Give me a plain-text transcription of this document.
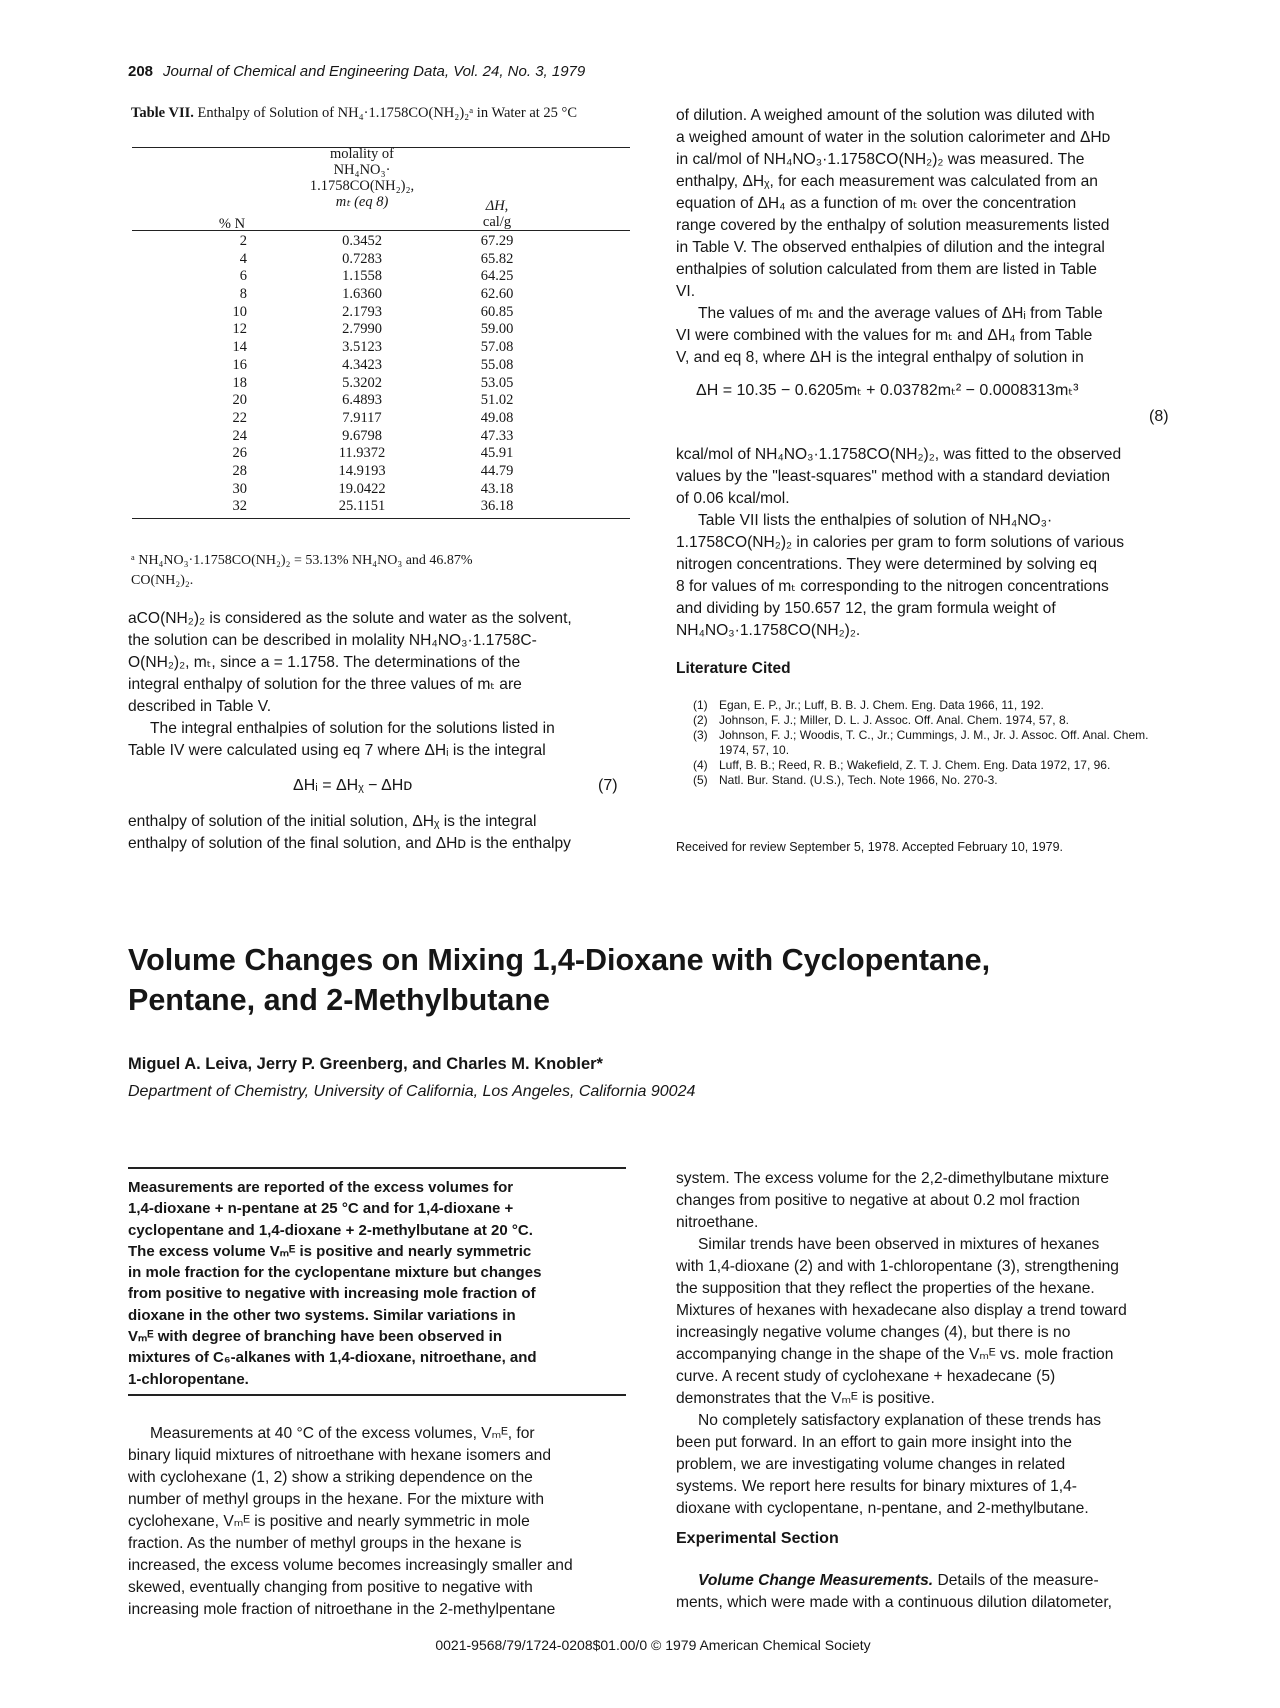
208 Journal of Chemical and Engineering Data, Vol. 24, No. 3, 1979
Table VII. Enthalpy of Solution of NH₄·1.1758CO(NH₂)₂ᵃ in Water at 25 °C
% N
molality of
NH₄NO₃·
1.1758CO(NH₂)₂,
mₜ (eq 8)	ΔH,
cal/g
2	0.3452	67.29
4	0.7283	65.82
6	1.1558	64.25
8	1.6360	62.60
10	2.1793	60.85
12	2.7990	59.00
14	3.5123	57.08
16	4.3423	55.08
18	5.3202	53.05
20	6.4893	51.02
22	7.9117	49.08
24	9.6798	47.33
26	11.9372	45.91
28	14.9193	44.79
30	19.0422	43.18
32	25.1151	36.18
ᵃ NH₄NO₃·1.1758CO(NH₂)₂ = 53.13% NH₄NO₃ and 46.87%
CO(NH₂)₂.
aCO(NH₂)₂ is considered as the solute and water as the solvent,
the solution can be described in molality NH₄NO₃·1.1758C-
O(NH₂)₂, mₜ, since a = 1.1758. The determinations of the
integral enthalpy of solution for the three values of mₜ are
described in Table V.
The integral enthalpies of solution for the solutions listed in
Table IV were calculated using eq 7 where ΔHᵢ is the integral
ΔHᵢ = ΔHᵪ − ΔHᴅ	(7)
enthalpy of solution of the initial solution, ΔHᵪ is the integral
enthalpy of solution of the final solution, and ΔHᴅ is the enthalpy
of dilution. A weighed amount of the solution was diluted with
a weighed amount of water in the solution calorimeter and ΔHᴅ
in cal/mol of NH₄NO₃·1.1758CO(NH₂)₂ was measured. The
enthalpy, ΔHᵪ, for each measurement was calculated from an
equation of ΔH₄ as a function of mₜ over the concentration
range covered by the enthalpy of solution measurements listed
in Table V. The observed enthalpies of dilution and the integral
enthalpies of solution calculated from them are listed in Table
VI.
The values of mₜ and the average values of ΔHᵢ from Table
VI were combined with the values for mₜ and ΔH₄ from Table
V, and eq 8, where ΔH is the integral enthalpy of solution in
ΔH = 10.35 − 0.6205mₜ + 0.03782mₜ² − 0.0008313mₜ³
(8)
kcal/mol of NH₄NO₃·1.1758CO(NH₂)₂, was fitted to the observed
values by the "least-squares" method with a standard deviation
of 0.06 kcal/mol.
Table VII lists the enthalpies of solution of NH₄NO₃·
1.1758CO(NH₂)₂ in calories per gram to form solutions of various
nitrogen concentrations. They were determined by solving eq
8 for values of mₜ corresponding to the nitrogen concentrations
and dividing by 150.657 12, the gram formula weight of
NH₄NO₃·1.1758CO(NH₂)₂.
Literature Cited
(1) Egan, E. P., Jr.; Luff, B. B. J. Chem. Eng. Data 1966, 11, 192.
(2) Johnson, F. J.; Miller, D. L. J. Assoc. Off. Anal. Chem. 1974, 57, 8.
(3) Johnson, F. J.; Woodis, T. C., Jr.; Cummings, J. M., Jr. J. Assoc. Off. Anal. Chem. 1974, 57, 10.
(4) Luff, B. B.; Reed, R. B.; Wakefield, Z. T. J. Chem. Eng. Data 1972, 17, 96.
(5) Natl. Bur. Stand. (U.S.), Tech. Note 1966, No. 270-3.
Received for review September 5, 1978. Accepted February 10, 1979.
Volume Changes on Mixing 1,4-Dioxane with Cyclopentane,
Pentane, and 2-Methylbutane
Miguel A. Leiva, Jerry P. Greenberg, and Charles M. Knobler*
Department of Chemistry, University of California, Los Angeles, California 90024
Measurements are reported of the excess volumes for
1,4-dioxane + n-pentane at 25 °C and for 1,4-dioxane +
cyclopentane and 1,4-dioxane + 2-methylbutane at 20 °C.
The excess volume Vₘᴱ is positive and nearly symmetric
in mole fraction for the cyclopentane mixture but changes
from positive to negative with increasing mole fraction of
dioxane in the other two systems. Similar variations in
Vₘᴱ with degree of branching have been observed in
mixtures of C₆-alkanes with 1,4-dioxane, nitroethane, and
1-chloropentane.
Measurements at 40 °C of the excess volumes, Vₘᴱ, for
binary liquid mixtures of nitroethane with hexane isomers and
with cyclohexane (1, 2) show a striking dependence on the
number of methyl groups in the hexane. For the mixture with
cyclohexane, Vₘᴱ is positive and nearly symmetric in mole
fraction. As the number of methyl groups in the hexane is
increased, the excess volume becomes increasingly smaller and
skewed, eventually changing from positive to negative with
increasing mole fraction of nitroethane in the 2-methylpentane
system. The excess volume for the 2,2-dimethylbutane mixture
changes from positive to negative at about 0.2 mol fraction
nitroethane.
Similar trends have been observed in mixtures of hexanes
with 1,4-dioxane (2) and with 1-chloropentane (3), strengthening
the supposition that they reflect the properties of the hexane.
Mixtures of hexanes with hexadecane also display a trend toward
increasingly negative volume changes (4), but there is no
accompanying change in the shape of the Vₘᴱ vs. mole fraction
curve. A recent study of cyclohexane + hexadecane (5)
demonstrates that the Vₘᴱ is positive.
No completely satisfactory explanation of these trends has
been put forward. In an effort to gain more insight into the
problem, we are investigating volume changes in related
systems. We report here results for binary mixtures of 1,4-
dioxane with cyclopentane, n-pentane, and 2-methylbutane.
Experimental Section
Volume Change Measurements. Details of the measure-
ments, which were made with a continuous dilution dilatometer,
0021-9568/79/1724-0208$01.00/0 © 1979 American Chemical Society
